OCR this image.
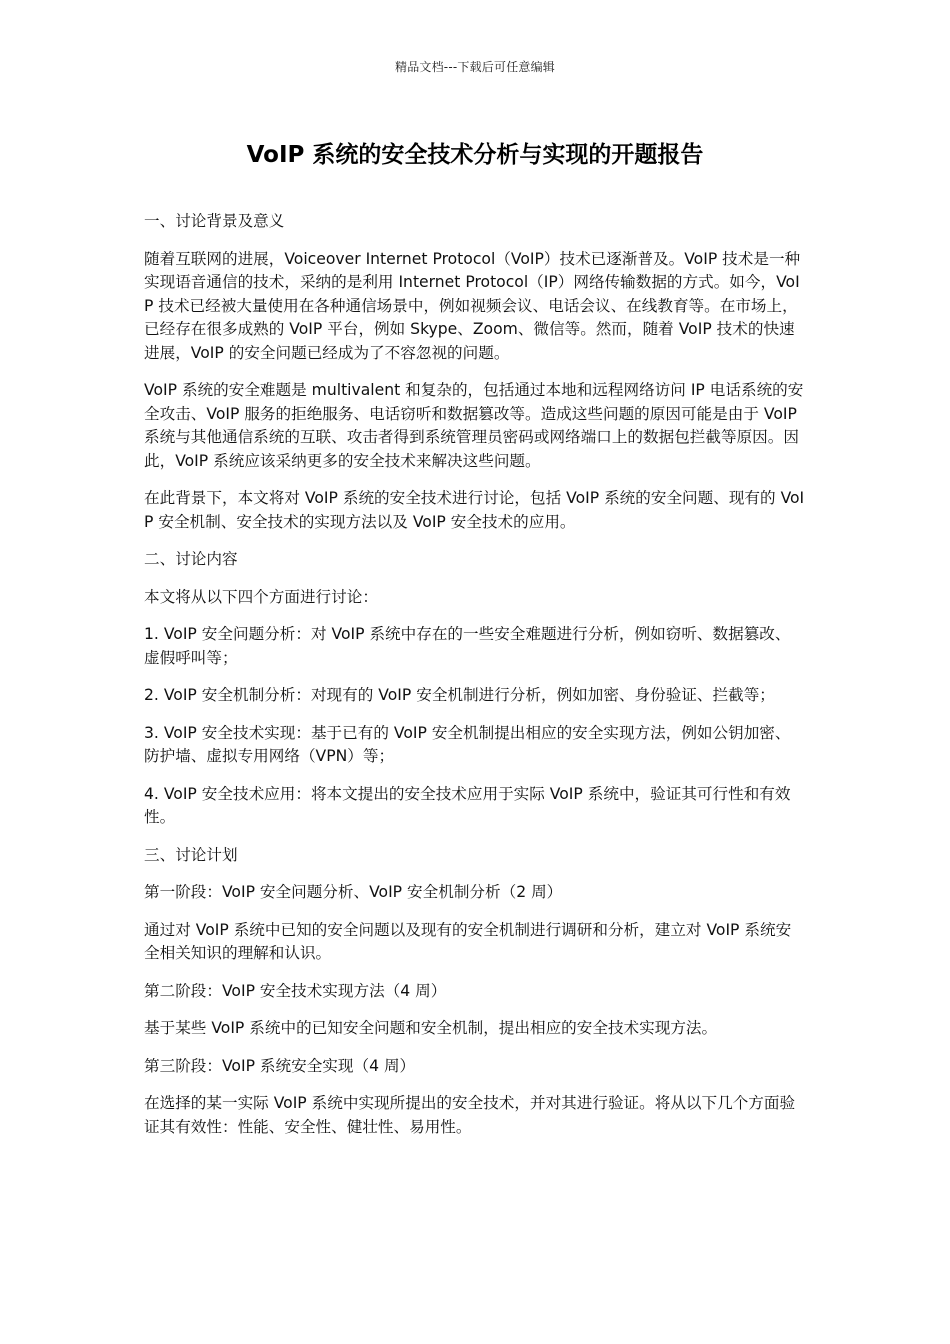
精品文档---下载后可任意编辑
VoIP 系统的安全技术分析与实现的开题报告

一、讨论背景及意义

随着互联网的进展，Voiceover Internet Protocol（VoIP）技术已逐渐普及。VoIP 技术是一种实现语音通信的技术，采纳的是利用 Internet Protocol（IP）网络传输数据的方式。如今，VoIP 技术已经被大量使用在各种通信场景中，例如视频会议、电话会议、在线教育等。在市场上，已经存在很多成熟的 VoIP 平台，例如 Skype、Zoom、微信等。然而，随着 VoIP 技术的快速进展，VoIP 的安全问题已经成为了不容忽视的问题。

VoIP 系统的安全难题是 multivalent 和复杂的，包括通过本地和远程网络访问 IP 电话系统的安全攻击、VoIP 服务的拒绝服务、电话窃听和数据篡改等。造成这些问题的原因可能是由于 VoIP 系统与其他通信系统的互联、攻击者得到系统管理员密码或网络端口上的数据包拦截等原因。因此，VoIP 系统应该采纳更多的安全技术来解决这些问题。

在此背景下，本文将对 VoIP 系统的安全技术进行讨论，包括 VoIP 系统的安全问题、现有的 VoIP 安全机制、安全技术的实现方法以及 VoIP 安全技术的应用。

二、讨论内容

本文将从以下四个方面进行讨论：

1. VoIP 安全问题分析：对 VoIP 系统中存在的一些安全难题进行分析，例如窃听、数据篡改、虚假呼叫等；

2. VoIP 安全机制分析：对现有的 VoIP 安全机制进行分析，例如加密、身份验证、拦截等；

3. VoIP 安全技术实现：基于已有的 VoIP 安全机制提出相应的安全实现方法，例如公钥加密、防护墙、虚拟专用网络（VPN）等；

4. VoIP 安全技术应用：将本文提出的安全技术应用于实际 VoIP 系统中，验证其可行性和有效性。

三、讨论计划

第一阶段：VoIP 安全问题分析、VoIP 安全机制分析（2 周）

通过对 VoIP 系统中已知的安全问题以及现有的安全机制进行调研和分析，建立对 VoIP 系统安全相关知识的理解和认识。

第二阶段：VoIP 安全技术实现方法（4 周）

基于某些 VoIP 系统中的已知安全问题和安全机制，提出相应的安全技术实现方法。

第三阶段：VoIP 系统安全实现（4 周）

在选择的某一实际 VoIP 系统中实现所提出的安全技术，并对其进行验证。将从以下几个方面验证其有效性：性能、安全性、健壮性、易用性。
